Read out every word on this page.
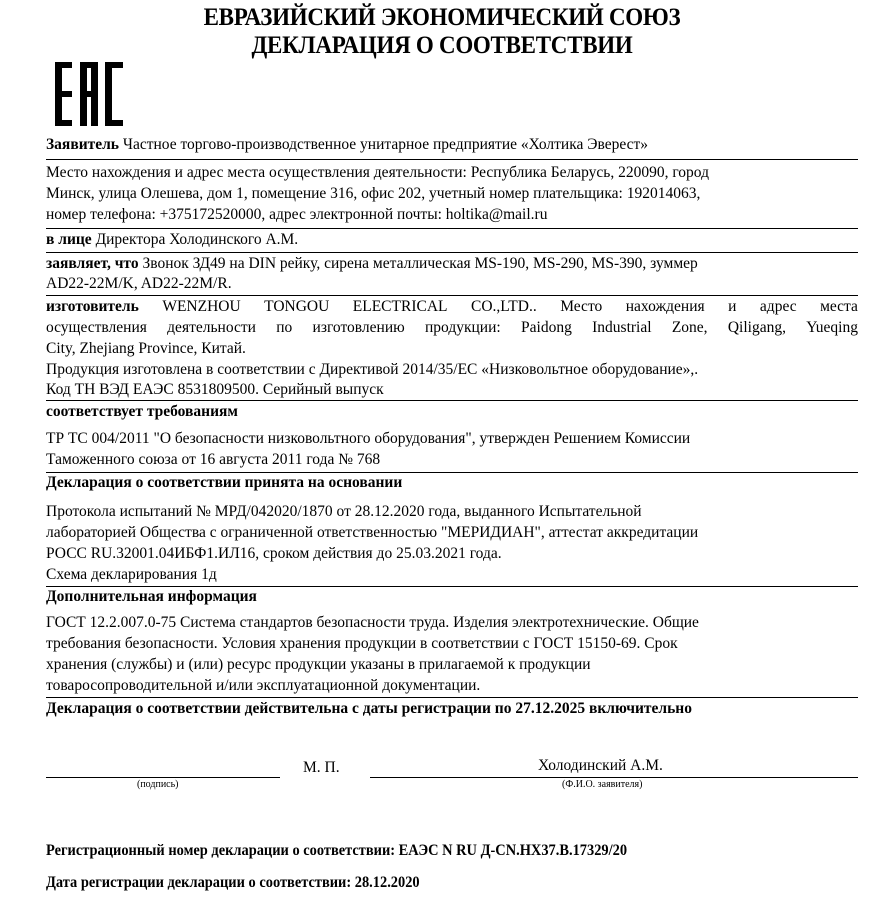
ЕВРАЗИЙСКИЙ ЭКОНОМИЧЕСКИЙ СОЮЗ
ДЕКЛАРАЦИЯ О СООТВЕТСТВИИ
Заявитель Частное торгово-производственное унитарное предприятие «Холтика Эверест»
Место нахождения и адрес места осуществления деятельности: Республика Беларусь, 220090, город
Минск, улица Олешева, дом 1, помещение 316, офис 202, учетный номер плательщика: 192014063,
номер телефона: +375172520000, адрес электронной почты: holtika@mail.ru
в лице Директора Холодинского А.М.
заявляет, что Звонок ЗД49 на DIN рейку, сирена металлическая MS-190, MS-290, MS-390, зуммер
AD22-22M/K, AD22-22M/R.
изготовитель WENZHOU TONGOU ELECTRICAL CO.,LTD.. Место нахождения и адрес места
осуществления деятельности по изготовлению продукции: Paidong Industrial Zone, Qiligang, Yueqing
City, Zhejiang Province, Китай.
Продукция изготовлена в соответствии с Директивой 2014/35/EC «Низковольтное оборудование»,.
Код ТН ВЭД ЕАЭС 8531809500. Серийный выпуск
соответствует требованиям
ТР ТС 004/2011 "О безопасности низковольтного оборудования", утвержден Решением Комиссии
Таможенного союза от 16 августа 2011 года № 768
Декларация о соответствии принята на основании
Протокола испытаний № МРД/042020/1870 от 28.12.2020 года, выданного Испытательной
лабораторией Общества с ограниченной ответственностью "МЕРИДИАН", аттестат аккредитации
РОСС RU.32001.04ИБФ1.ИЛ16, сроком действия до 25.03.2021 года.
Схема декларирования 1д
Дополнительная информация
ГОСТ 12.2.007.0-75 Система стандартов безопасности труда. Изделия электротехнические. Общие
требования безопасности. Условия хранения продукции в соответствии с ГОСТ 15150-69. Срок
хранения (службы) и (или) ресурс продукции указаны в прилагаемой к продукции
товаросопроводительной и/или эксплуатационной документации.
Декларация о соответствии действительна с даты регистрации по 27.12.2025 включительно
(подпись)
М. П.	Холодинский А.М.
(Ф.И.О. заявителя)
Регистрационный номер декларации о соответствии: ЕАЭС N RU Д-CN.HX37.B.17329/20
Дата регистрации декларации о соответствии: 28.12.2020
